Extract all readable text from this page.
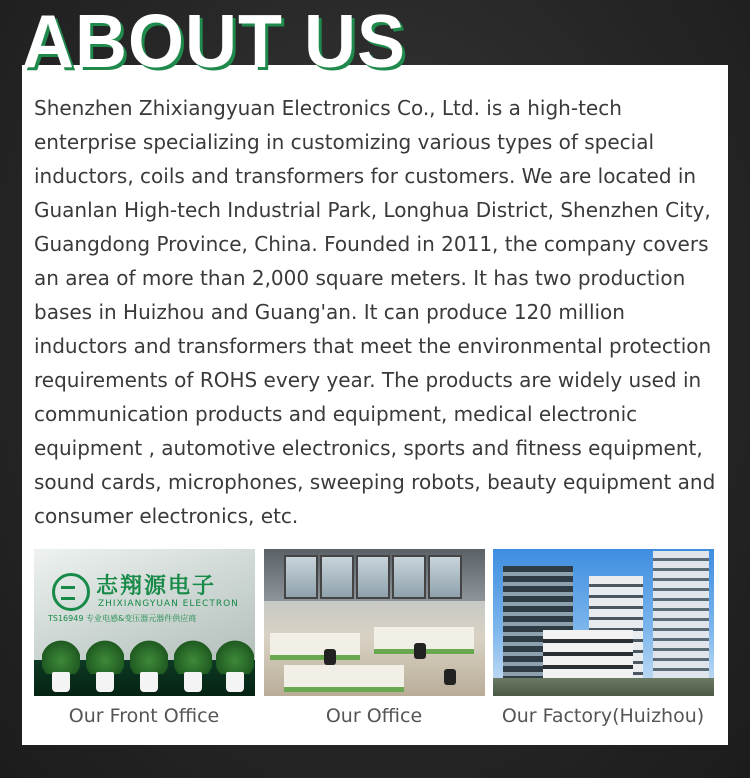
ABOUT US

Shenzhen Zhixiangyuan Electronics Co., Ltd. is a high-tech enterprise specializing in customizing various types of special inductors, coils and transformers for customers. We are located in Guanlan High-tech Industrial Park, Longhua District, Shenzhen City, Guangdong Province, China. Founded in 2011, the company covers an area of more than 2,000 square meters. It has two production bases in Huizhou and Guang'an. It can produce 120 million inductors and transformers that meet the environmental protection requirements of ROHS every year. The products are widely used in communication products and equipment, medical electronic equipment , automotive electronics, sports and fitness equipment, sound cards, microphones, sweeping robots, beauty equipment and consumer electronics, etc.

志翔源电子
ZHIXIANGYUAN ELECTRON
TS16949 专业电感&变压器元器件供应商
Our Front Office	Our Office	Our Factory(Huizhou)
